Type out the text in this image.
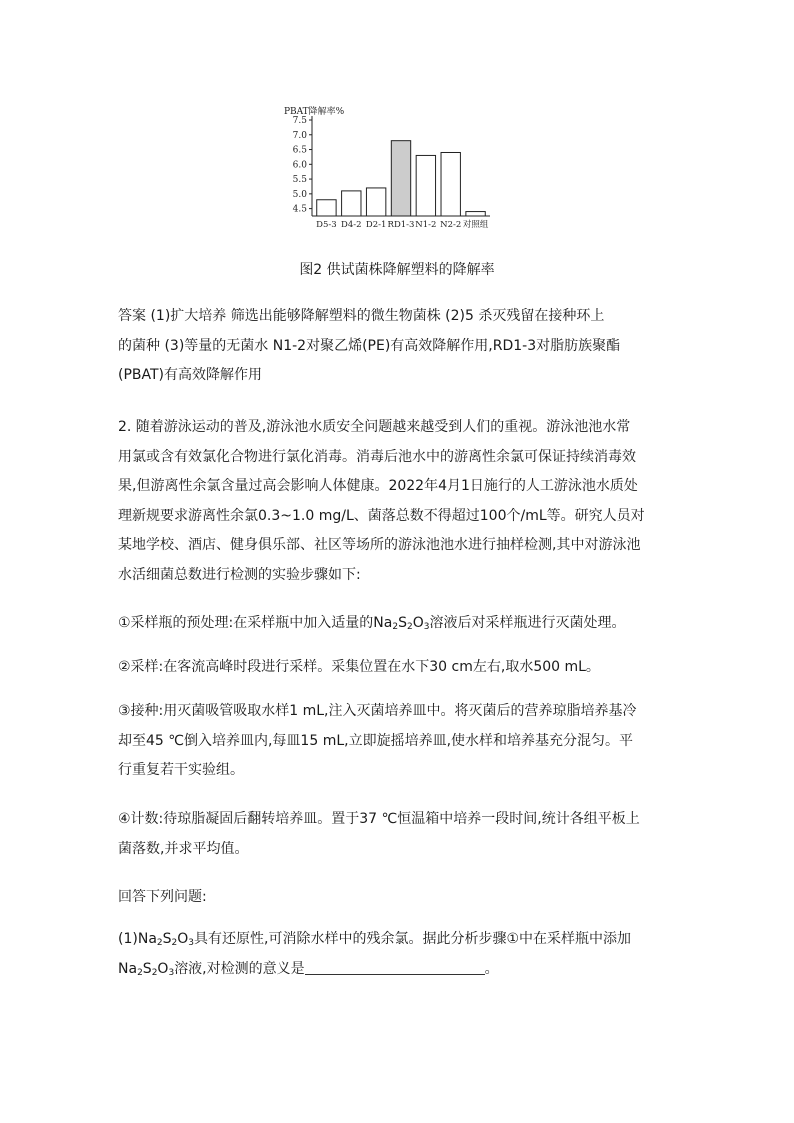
PBAT降解率%
7.5
7.0
6.5
6.0
5.5
5.0
4.5
D5-3 D4-2 D2-1 RD1-3 N1-2 N2-2 对照组
图2 供试菌株降解塑料的降解率
答案 (1)扩大培养 筛选出能够降解塑料的微生物菌株 (2)5 杀灭残留在接种环上
的菌种 (3)等量的无菌水 N1-2对聚乙烯(PE)有高效降解作用,RD1-3对脂肪族聚酯
(PBAT)有高效降解作用
2. 随着游泳运动的普及,游泳池水质安全问题越来越受到人们的重视。游泳池池水常
用氯或含有效氯化合物进行氯化消毒。消毒后池水中的游离性余氯可保证持续消毒效
果,但游离性余氯含量过高会影响人体健康。2022年4月1日施行的人工游泳池水质处
理新规要求游离性余氯0.3~1.0 mg/L、菌落总数不得超过100个/mL等。研究人员对
某地学校、酒店、健身俱乐部、社区等场所的游泳池池水进行抽样检测,其中对游泳池
水活细菌总数进行检测的实验步骤如下:
①采样瓶的预处理:在采样瓶中加入适量的$Na_2S_2O_3$溶液后对采样瓶进行灭菌处理。
②采样:在客流高峰时段进行采样。采集位置在水下30 cm左右,取水500 mL。
③接种:用灭菌吸管吸取水样1 mL,注入灭菌培养皿中。将灭菌后的营养琼脂培养基冷
却至45 ℃倒入培养皿内,每皿15 mL,立即旋摇培养皿,使水样和培养基充分混匀。平
行重复若干实验组。
④计数:待琼脂凝固后翻转培养皿。置于37 ℃恒温箱中培养一段时间,统计各组平板上
菌落数,并求平均值。
回答下列问题:
$(1)Na_2S_2O_3$具有还原性,可消除水样中的残余氯。据此分析步骤①中在采样瓶中添加
$Na_2S_2O_3$溶液,对检测的意义是	。
